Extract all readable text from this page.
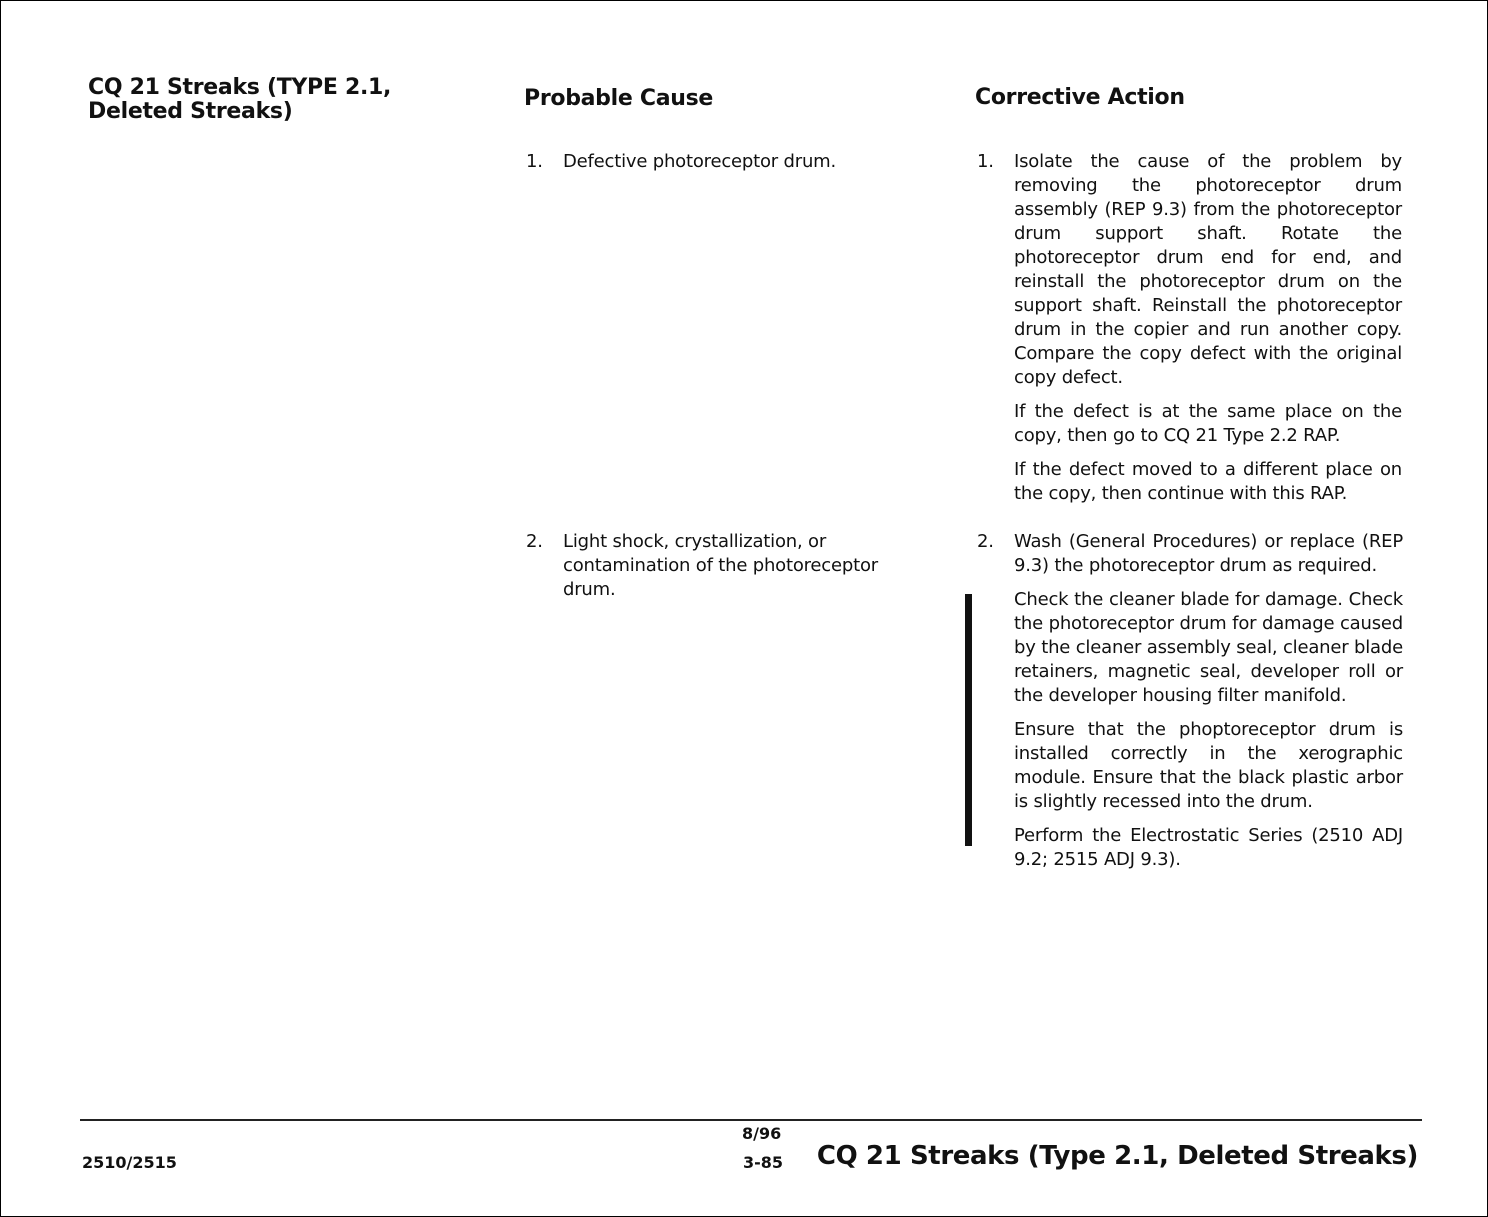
CQ 21 Streaks (TYPE 2.1, Deleted Streaks)
Probable Cause	Corrective Action
1. Defective photoreceptor drum.
2. Light shock, crystallization, or contamination of the photoreceptor drum.
1. Isolate the cause of the problem by removing the photoreceptor drum assembly (REP 9.3) from the photoreceptor drum support shaft. Rotate the photoreceptor drum end for end, and reinstall the photoreceptor drum on the support shaft. Reinstall the photoreceptor drum in the copier and run another copy. Compare the copy defect with the original copy defect.

If the defect is at the same place on the copy, then go to CQ 21 Type 2.2 RAP.

If the defect moved to a different place on the copy, then continue with this RAP.

2. Wash (General Procedures) or replace (REP 9.3) the photoreceptor drum as required.

Check the cleaner blade for damage. Check the photoreceptor drum for damage caused by the cleaner assembly seal, cleaner blade retainers, magnetic seal, developer roll or the developer housing filter manifold.

Ensure that the phoptoreceptor drum is installed correctly in the xerographic module. Ensure that the black plastic arbor is slightly recessed into the drum.

Perform the Electrostatic Series (2510 ADJ 9.2; 2515 ADJ 9.3).

2510/2515
8/96
3-85 CQ 21 Streaks (Type 2.1, Deleted Streaks)
